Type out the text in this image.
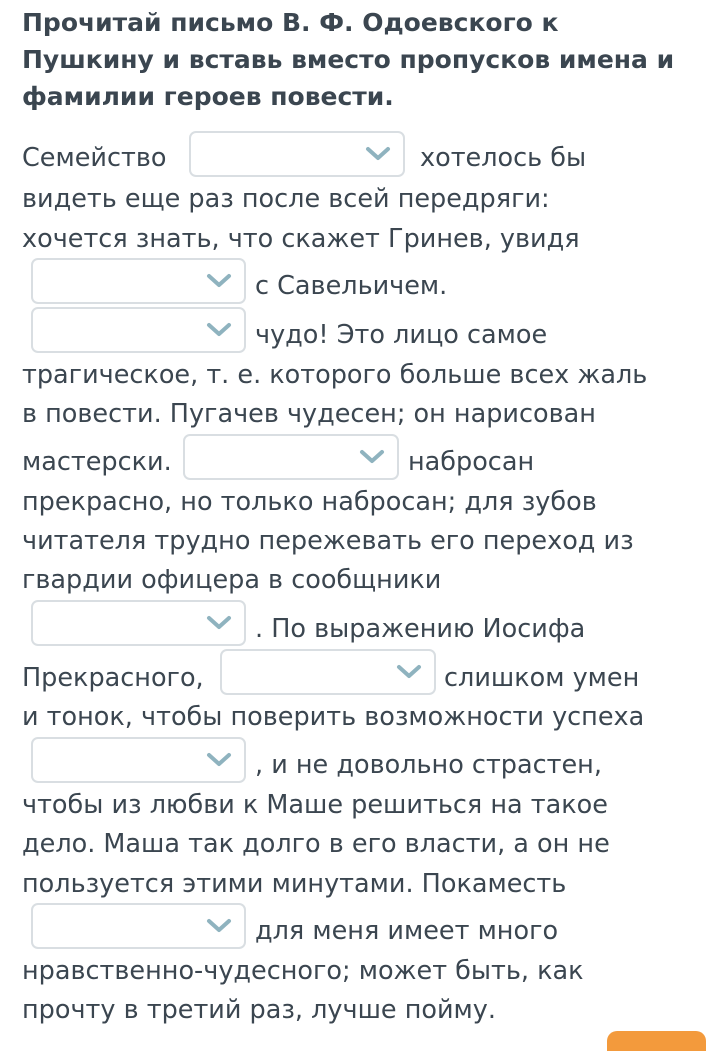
Прочитай письмо В. Ф. Одоевского к Пушкину и вставь вместо пропусков имена и фамилии героев повести.
Семейство	хотелось бы
видеть еще раз после всей передряги:
хочется знать, что скажет Гринев, увидя
с Савельичем.
чудо! Это лицо самое
трагическое, т. е. которого больше всех жаль
в повести. Пугачев чудесен; он нарисован
мастерски.	набросан
прекрасно, но только набросан; для зубов
читателя трудно пережевать его переход из
гвардии офицера в сообщники
. По выражению Иосифа
Прекрасного,	слишком умен
и тонок, чтобы поверить возможности успеха
, и не довольно страстен,
чтобы из любви к Маше решиться на такое
дело. Маша так долго в его власти, а он не
пользуется этими минутами. Покаместь
для меня имеет много
нравственно-чудесного; может быть, как
прочту в третий раз, лучше пойму.
